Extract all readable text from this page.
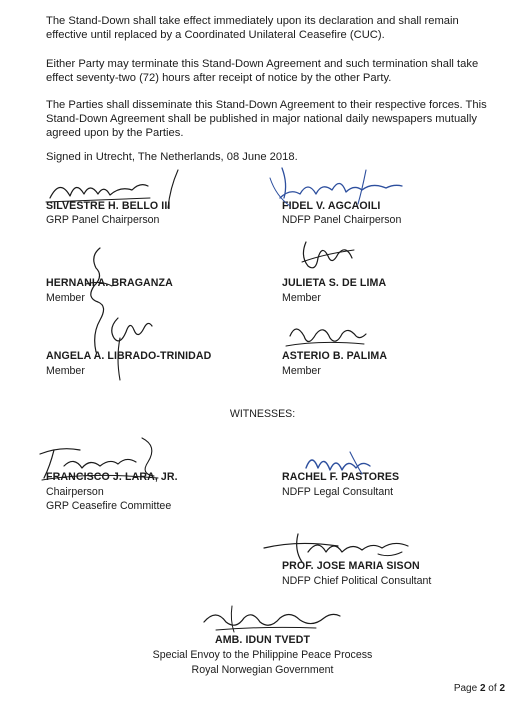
The Stand-Down shall take effect immediately upon its declaration and shall remain effective until replaced by a Coordinated Unilateral Ceasefire (CUC).

Either Party may terminate this Stand-Down Agreement and such termination shall take effect seventy-two (72) hours after receipt of notice by the other Party.

The Parties shall disseminate this Stand-Down Agreement to their respective forces. This Stand-Down Agreement shall be published in major national daily newspapers mutually agreed upon by the Parties.

Signed in Utrecht, The Netherlands, 08 June 2018.

SILVESTRE H. BELLO III
GRP Panel Chairperson
FIDEL V. AGCAOILI
NDFP Panel Chairperson
HERNANI A. BRAGANZA
Member
JULIETA S. DE LIMA
Member
ANGELA A. LIBRADO-TRINIDAD
Member
ASTERIO B. PALIMA
Member
WITNESSES:
FRANCISCO J. LARA, JR.
Chairperson
GRP Ceasefire Committee
RACHEL F. PASTORES
NDFP Legal Consultant
PROF. JOSE MARIA SISON
NDFP Chief Political Consultant
AMB. IDUN TVEDT
Special Envoy to the Philippine Peace Process
Royal Norwegian Government
Page 2 of 2
